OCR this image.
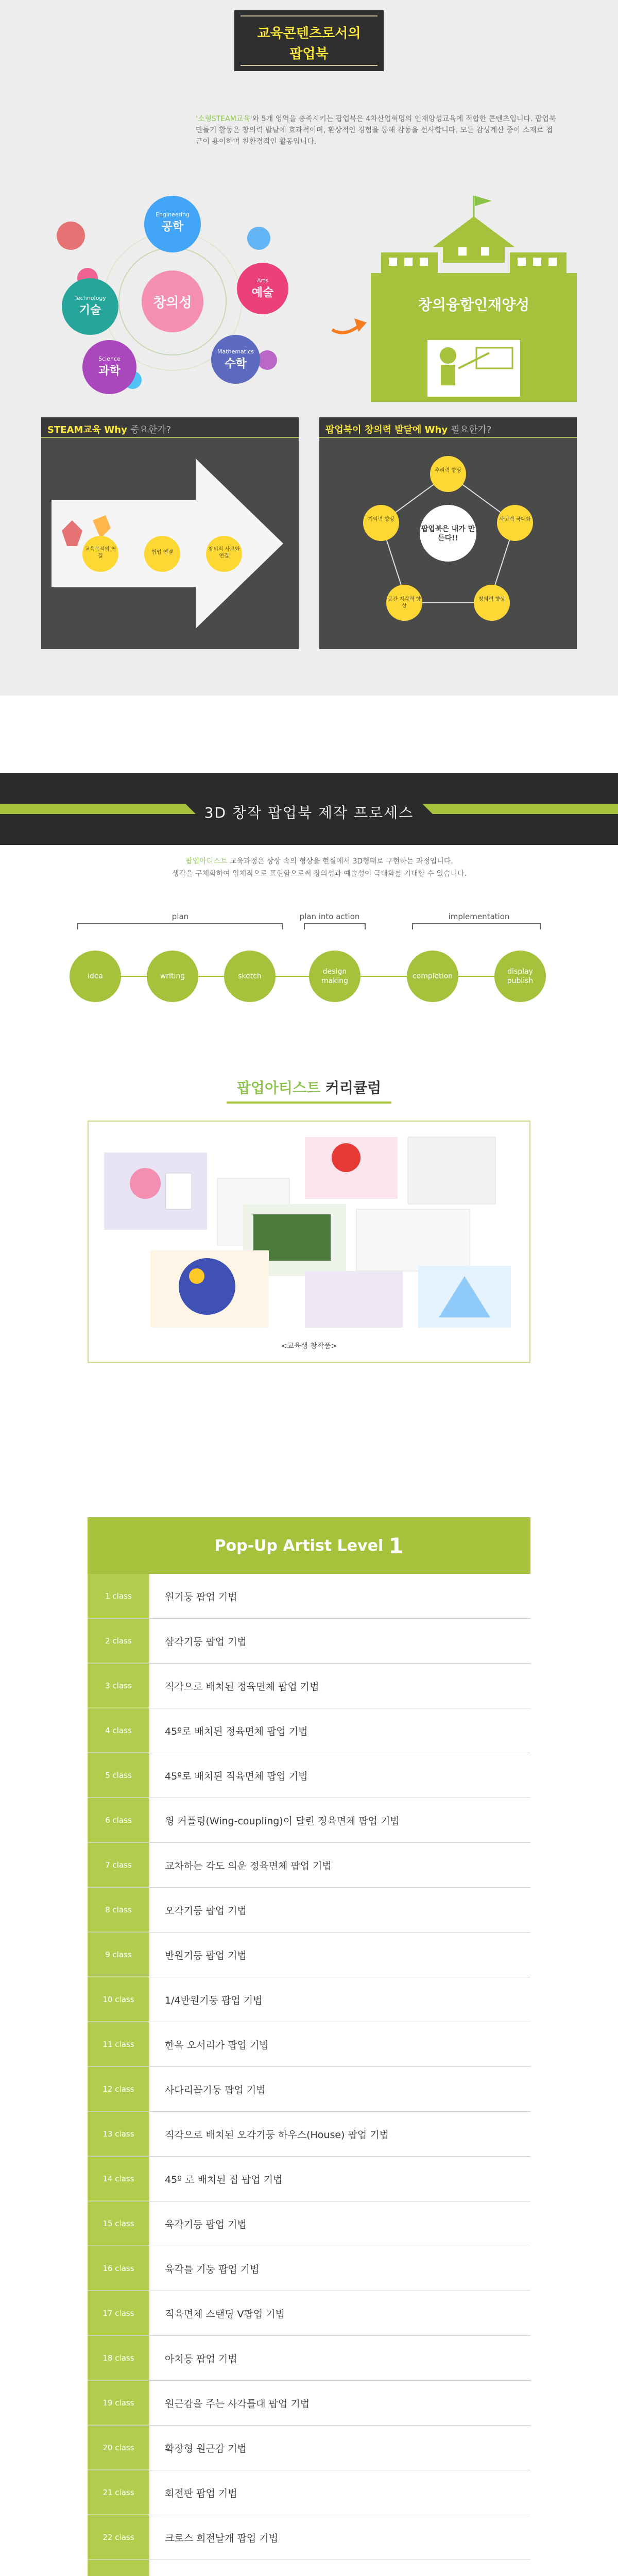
교육콘텐츠로서의
팝업북
'소형STEAM교육'와 5개 영역을 총족시키는 팝업북은 4차산업혁명의 인재양성교육에 적합한 콘텐츠입니다. 팝업북 만들기 활동은 창의력 발달에 효과적이며, 환상적인 경험을 통해 감동을 선사합니다. 모든 감성계산 중이 소재로 접근이 용이하며 친환경적인 활동입니다.
Engineering
공학
Technology
기술
Arts
예술
Science
과학
Mathematics
수학
창의성	창의융합인재양성
STEAM교육 Why 중요한가?
교육목적의 연결
협업 연결
창의적 사고와 연결
팝업북이 창의력 발달에 Why 필요한가?
팝업북은 내가 만든다!!
추리력 향상
사고력 극대화
창의력 향상
공간 지각력 향상
기억력 향상
3D 창작 팝업북 제작 프로세스
팝업아티스트 교육과정은 상상 속의 형상을 현실에서 3D형태로 구현하는 과정입니다.
생각을 구체화하여 입체적으로 표현함으로써 창의성과 예술성이 극대화를 기대할 수 있습니다.
plan	plan into action	implementation
idea	writing	sketch
design making
completion
display publish
팝업아티스트 커리큘럼
<교육생 창작품>
Pop-Up Artist Level 1
1 class	원기둥 팝업 기법
2 class	삼각기둥 팝업 기법
3 class	직각으로 배치된 정육면체 팝업 기법
4 class	45º로 배치된 정육면체 팝업 기법
5 class	45º로 배치된 직육면체 팝업 기법
6 class	윙 커플링(Wing-coupling)이 달린 정육면체 팝업 기법
7 class	교차하는 각도 의운 정육면체 팝업 기법
8 class	오각기둥 팝업 기법
9 class	반원기둥 팝업 기법
10 class	1/4반원기둥 팝업 기법
11 class	한옥 오서리가 팝업 기법
12 class	사다리꼴기둥 팝업 기법
13 class	직각으로 배치된 오각기둥 하우스(House) 팝업 기법
14 class	45º 로 배치된 집 팝업 기법
15 class	육각기둥 팝업 기법
16 class	육각틀 기둥 팝업 기법
17 class	직육면체 스탠딩 V팝업 기법
18 class	아치등 팝업 기법
19 class	원근감을 주는 사각틀대 팝업 기법
20 class	확장형 원근감 기법
21 class	회전판 팝업 기법
22 class	크로스 회전날개 팝업 기법
